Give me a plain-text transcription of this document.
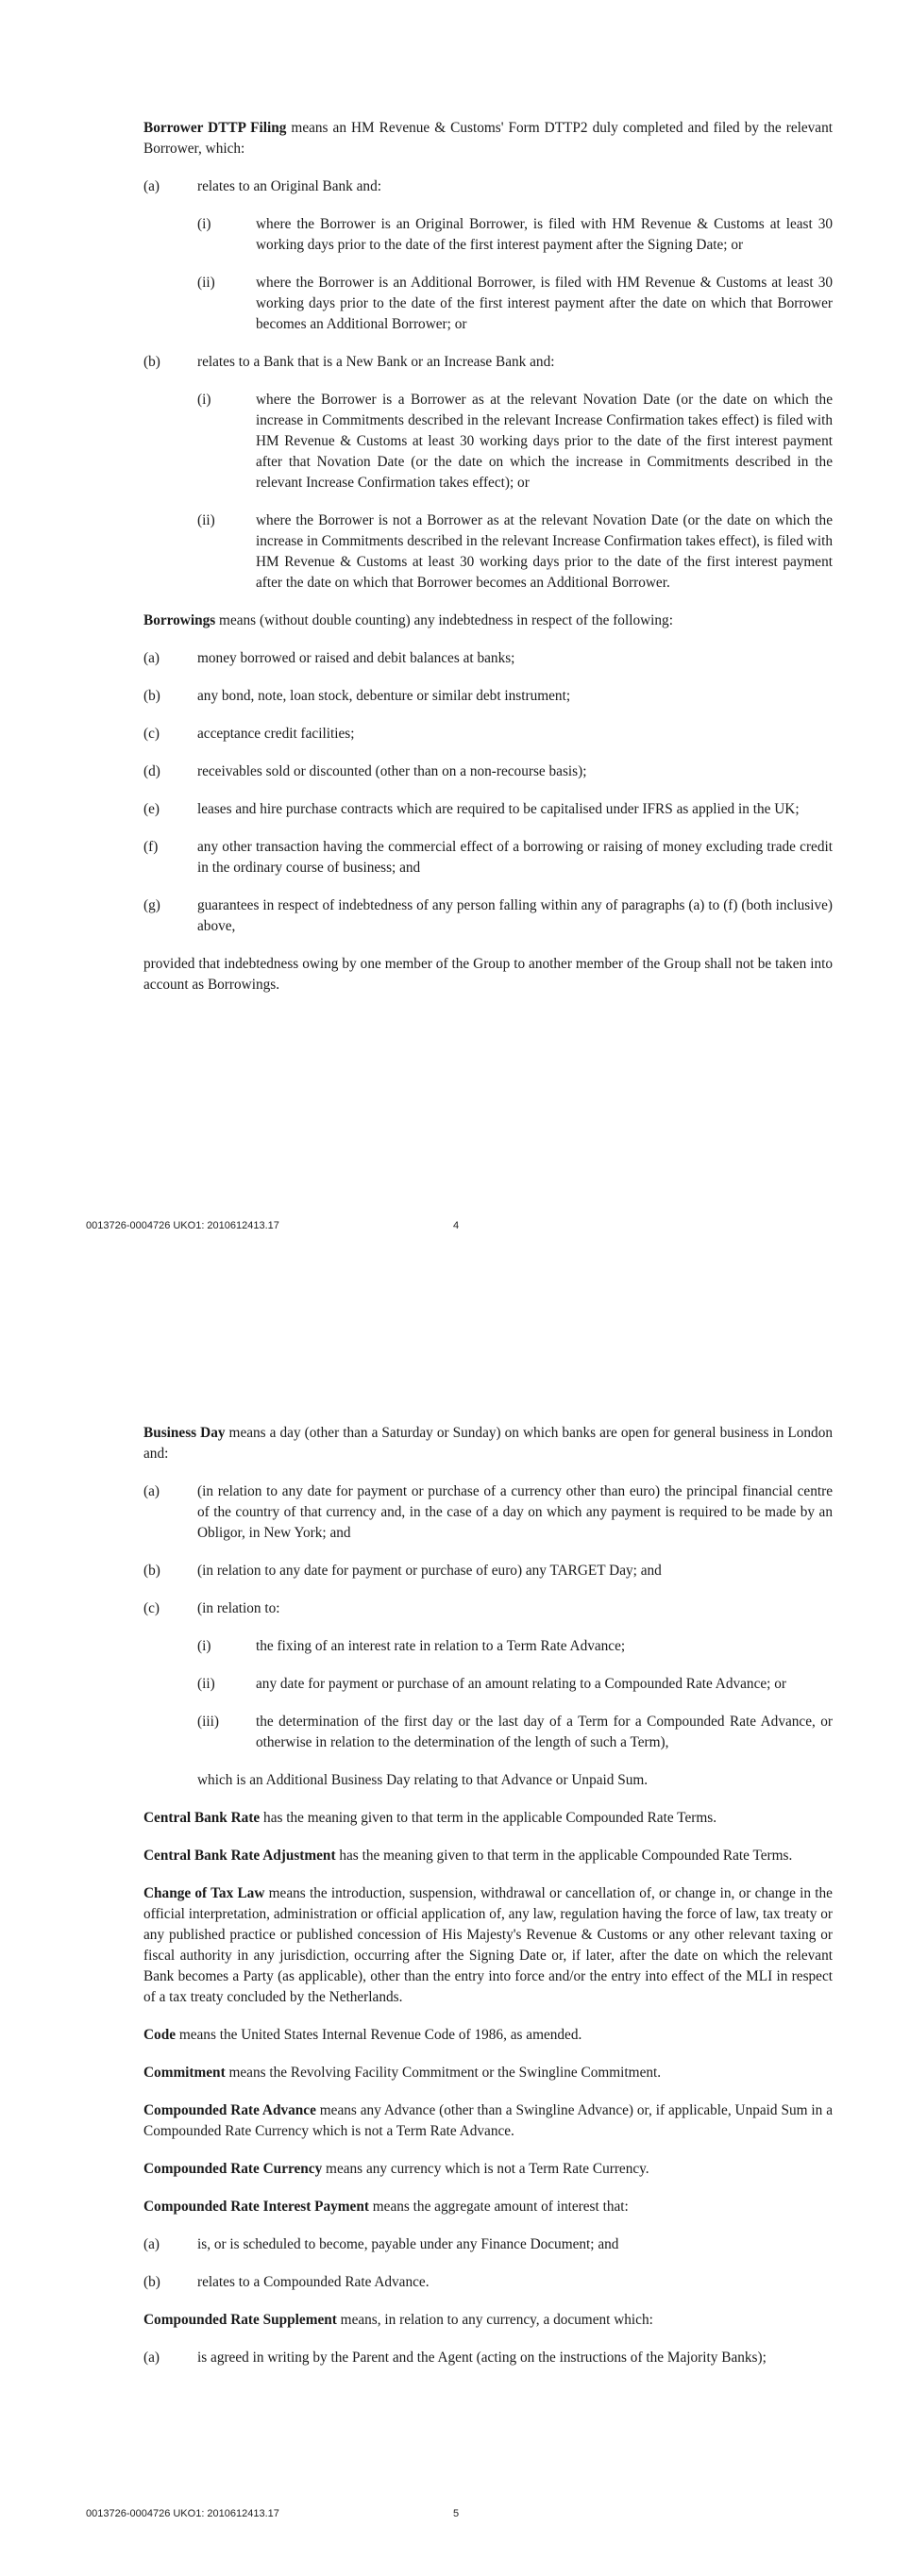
Borrower DTTP Filing means an HM Revenue & Customs' Form DTTP2 duly completed and filed by the relevant Borrower, which:

(a)	relates to an Original Bank and:
(i)	where the Borrower is an Original Borrower, is filed with HM Revenue & Customs at least 30 working days prior to the date of the first interest payment after the Signing Date; or
(ii)	where the Borrower is an Additional Borrower, is filed with HM Revenue & Customs at least 30 working days prior to the date of the first interest payment after the date on which that Borrower becomes an Additional Borrower; or
(b)	relates to a Bank that is a New Bank or an Increase Bank and:
(i)	where the Borrower is a Borrower as at the relevant Novation Date (or the date on which the increase in Commitments described in the relevant Increase Confirmation takes effect) is filed with HM Revenue & Customs at least 30 working days prior to the date of the first interest payment after that Novation Date (or the date on which the increase in Commitments described in the relevant Increase Confirmation takes effect); or
(ii)	where the Borrower is not a Borrower as at the relevant Novation Date (or the date on which the increase in Commitments described in the relevant Increase Confirmation takes effect), is filed with HM Revenue & Customs at least 30 working days prior to the date of the first interest payment after the date on which that Borrower becomes an Additional Borrower.

Borrowings means (without double counting) any indebtedness in respect of the following:

(a)	money borrowed or raised and debit balances at banks;
(b)	any bond, note, loan stock, debenture or similar debt instrument;
(c)	acceptance credit facilities;
(d)	receivables sold or discounted (other than on a non-recourse basis);
(e)	leases and hire purchase contracts which are required to be capitalised under IFRS as applied in the UK;
(f)	any other transaction having the commercial effect of a borrowing or raising of money excluding trade credit in the ordinary course of business; and
(g)	guarantees in respect of indebtedness of any person falling within any of paragraphs (a) to (f) (both inclusive) above,

provided that indebtedness owing by one member of the Group to another member of the Group shall not be taken into account as Borrowings.

0013726-0004726 UKO1: 2010612413.17	4

Business Day means a day (other than a Saturday or Sunday) on which banks are open for general business in London and:

(a)	(in relation to any date for payment or purchase of a currency other than euro) the principal financial centre of the country of that currency and, in the case of a day on which any payment is required to be made by an Obligor, in New York; and
(b)	(in relation to any date for payment or purchase of euro) any TARGET Day; and
(c)	(in relation to:
(i)	the fixing of an interest rate in relation to a Term Rate Advance;
(ii)	any date for payment or purchase of an amount relating to a Compounded Rate Advance; or
(iii)	the determination of the first day or the last day of a Term for a Compounded Rate Advance, or otherwise in relation to the determination of the length of such a Term),

which is an Additional Business Day relating to that Advance or Unpaid Sum.

Central Bank Rate has the meaning given to that term in the applicable Compounded Rate Terms.

Central Bank Rate Adjustment has the meaning given to that term in the applicable Compounded Rate Terms.

Change of Tax Law means the introduction, suspension, withdrawal or cancellation of, or change in, or change in the official interpretation, administration or official application of, any law, regulation having the force of law, tax treaty or any published practice or published concession of His Majesty's Revenue & Customs or any other relevant taxing or fiscal authority in any jurisdiction, occurring after the Signing Date or, if later, after the date on which the relevant Bank becomes a Party (as applicable), other than the entry into force and/or the entry into effect of the MLI in respect of a tax treaty concluded by the Netherlands.

Code means the United States Internal Revenue Code of 1986, as amended.

Commitment means the Revolving Facility Commitment or the Swingline Commitment.

Compounded Rate Advance means any Advance (other than a Swingline Advance) or, if applicable, Unpaid Sum in a Compounded Rate Currency which is not a Term Rate Advance.

Compounded Rate Currency means any currency which is not a Term Rate Currency.

Compounded Rate Interest Payment means the aggregate amount of interest that:

(a)	is, or is scheduled to become, payable under any Finance Document; and
(b)	relates to a Compounded Rate Advance.

Compounded Rate Supplement means, in relation to any currency, a document which:

(a)	is agreed in writing by the Parent and the Agent (acting on the instructions of the Majority Banks);
0013726-0004726 UKO1: 2010612413.17	5
